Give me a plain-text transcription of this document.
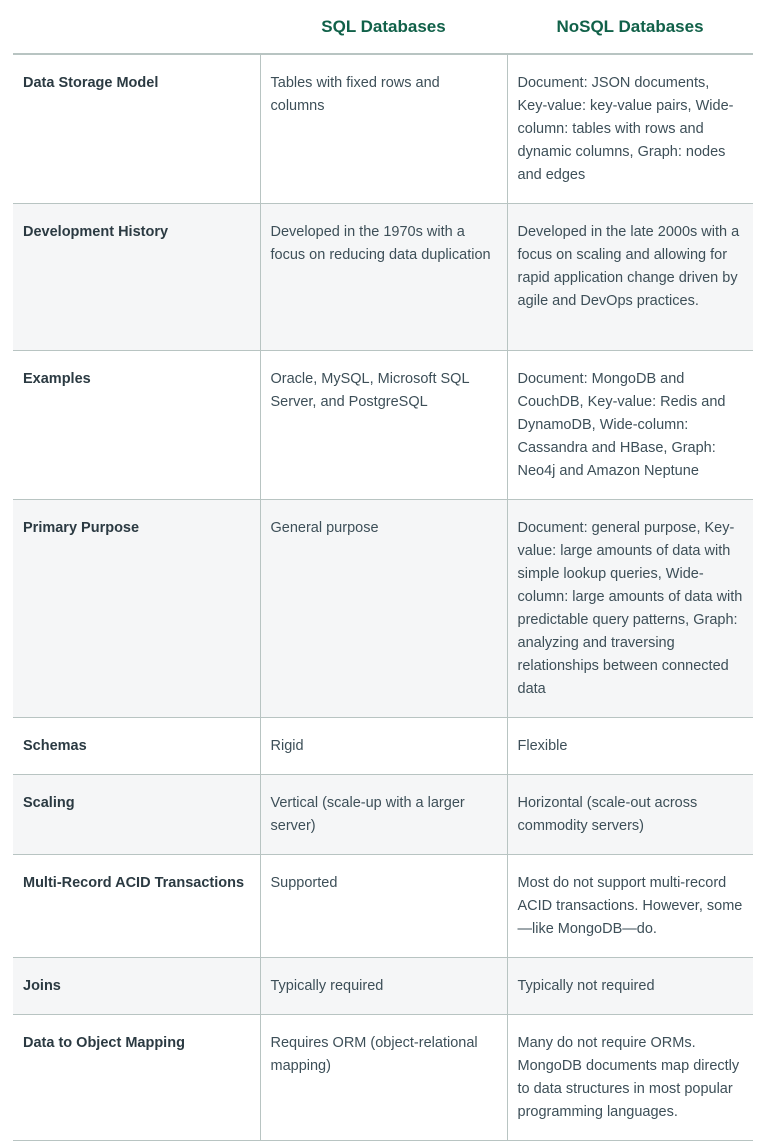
	SQL Databases	NoSQL Databases
Data Storage Model	Tables with fixed rows and columns	Document: JSON documents, Key-value: key-value pairs, Wide-column: tables with rows and dynamic columns, Graph: nodes and edges
Development History	Developed in the 1970s with a focus on reducing data duplication	Developed in the late 2000s with a focus on scaling and allowing for rapid application change driven by agile and DevOps practices.
Examples	Oracle, MySQL, Microsoft SQL Server, and PostgreSQL	Document: MongoDB and CouchDB, Key-value: Redis and DynamoDB, Wide-column: Cassandra and HBase, Graph: Neo4j and Amazon Neptune
Primary Purpose	General purpose	Document: general purpose, Key-value: large amounts of data with simple lookup queries, Wide-column: large amounts of data with predictable query patterns, Graph: analyzing and traversing relationships between connected data
Schemas	Rigid	Flexible
Scaling	Vertical (scale-up with a larger server)	Horizontal (scale-out across commodity servers)
Multi-Record ACID Transactions	Supported	Most do not support multi-record ACID transactions. However, some—like MongoDB—do.
Joins	Typically required	Typically not required
Data to Object Mapping	Requires ORM (object-relational mapping)	Many do not require ORMs. MongoDB documents map directly to data structures in most popular programming languages.
